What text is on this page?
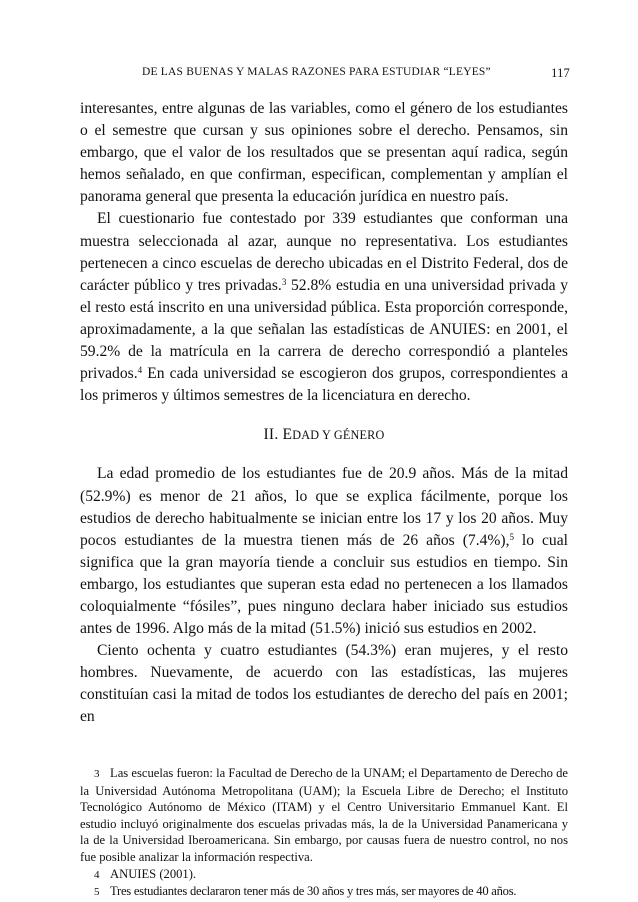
DE LAS BUENAS Y MALAS RAZONES PARA ESTUDIAR “LEYES”	117

interesantes, entre algunas de las variables, como el género de los estudiantes o el semestre que cursan y sus opiniones sobre el derecho. Pensamos, sin embargo, que el valor de los resultados que se presentan aquí radica, según hemos señalado, en que confirman, especifican, complementan y amplían el panorama general que presenta la educación jurídica en nuestro país.

El cuestionario fue contestado por 339 estudiantes que conforman una muestra seleccionada al azar, aunque no representativa. Los estudiantes pertenecen a cinco escuelas de derecho ubicadas en el Distrito Federal, dos de carácter público y tres privadas.$^3$ 52.8% estudia en una universidad privada y el resto está inscrito en una universidad pública. Esta proporción corresponde, aproximadamente, a la que señalan las estadísticas de ANUIES: en 2001, el 59.2% de la matrícula en la carrera de derecho correspondió a planteles privados.$^4$ En cada universidad se escogieron dos grupos, correspondientes a los primeros y últimos semestres de la licenciatura en derecho.

II. EDAD Y GÉNERO

La edad promedio de los estudiantes fue de 20.9 años. Más de la mitad (52.9%) es menor de 21 años, lo que se explica fácilmente, porque los estudios de derecho habitualmente se inician entre los 17 y los 20 años. Muy pocos estudiantes de la muestra tienen más de 26 años (7.4%),$^5$ lo cual significa que la gran mayoría tiende a concluir sus estudios en tiempo. Sin embargo, los estudiantes que superan esta edad no pertenecen a los llamados coloquialmente “fósiles”, pues ninguno declara haber iniciado sus estudios antes de 1996. Algo más de la mitad (51.5%) inició sus estudios en 2002.

Ciento ochenta y cuatro estudiantes (54.3%) eran mujeres, y el resto hombres. Nuevamente, de acuerdo con las estadísticas, las mujeres constituían casi la mitad de todos los estudiantes de derecho del país en 2001; en

3 Las escuelas fueron: la Facultad de Derecho de la UNAM; el Departamento de Derecho de la Universidad Autónoma Metropolitana (UAM); la Escuela Libre de Derecho; el Instituto Tecnológico Autónomo de México (ITAM) y el Centro Universitario Emmanuel Kant. El estudio incluyó originalmente dos escuelas privadas más, la de la Universidad Panamericana y la de la Universidad Iberoamericana. Sin embargo, por causas fuera de nuestro control, no nos fue posible analizar la información respectiva.

4 ANUIES (2001).

5 Tres estudiantes declararon tener más de 30 años y tres más, ser mayores de 40 años.
